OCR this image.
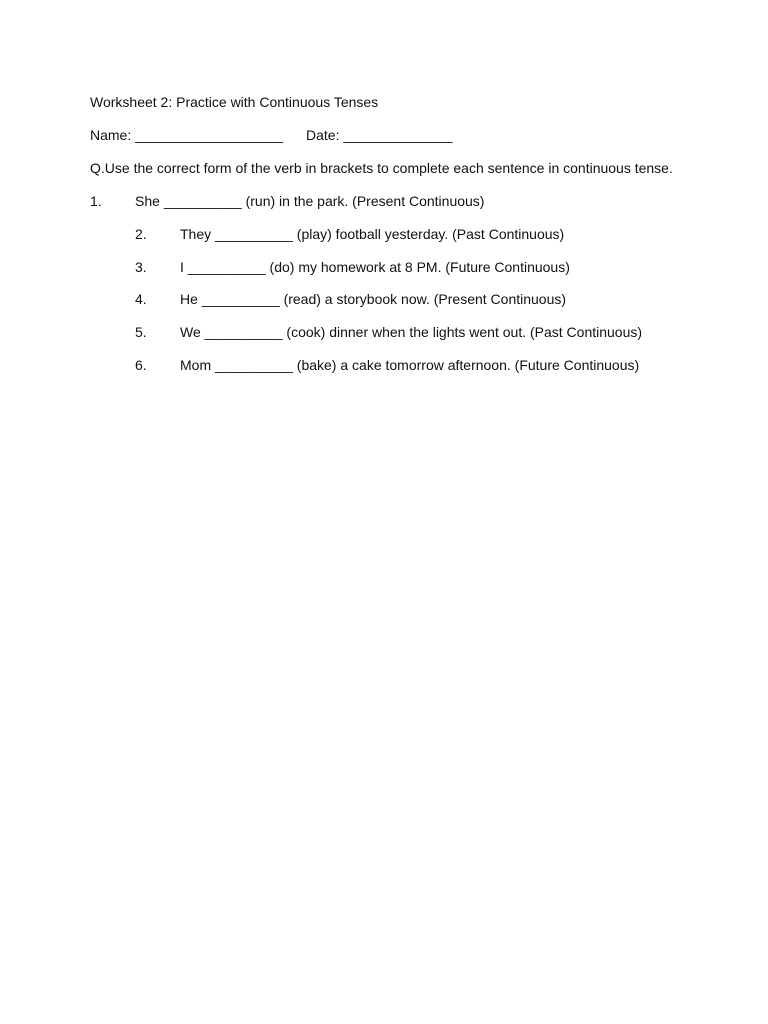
Worksheet 2: Practice with Continuous Tenses
Name: ___________________ Date: ______________
Q.Use the correct form of the verb in brackets to complete each sentence in continuous tense.
1. She __________ (run) in the park. (Present Continuous)
2. They __________ (play) football yesterday. (Past Continuous)
3. I __________ (do) my homework at 8 PM. (Future Continuous)
4. He __________ (read) a storybook now. (Present Continuous)
5. We __________ (cook) dinner when the lights went out. (Past Continuous)
6. Mom __________ (bake) a cake tomorrow afternoon. (Future Continuous)
